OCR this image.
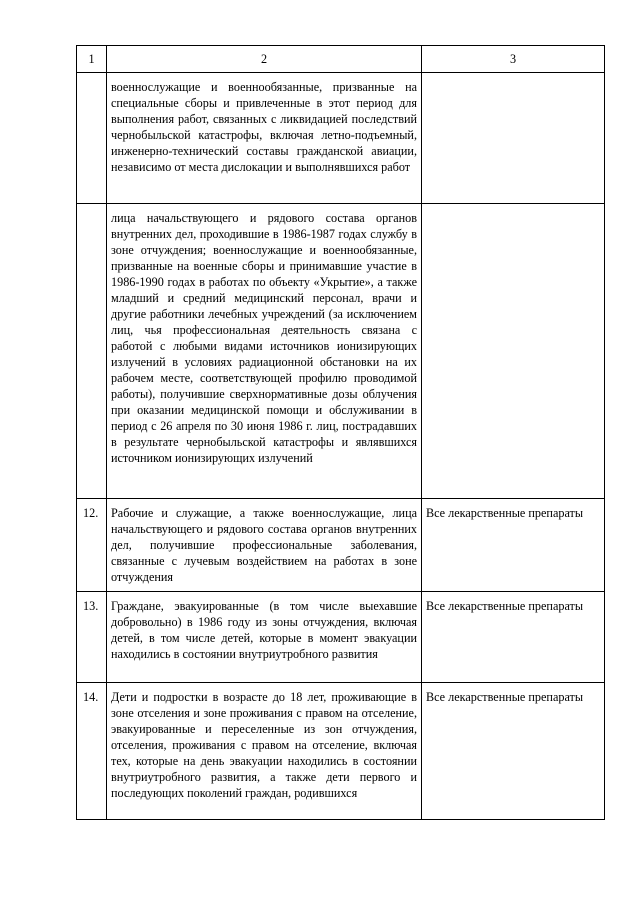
1	2	3
	военнослужащие и военнообязанные, призванные на специальные сборы и привлеченные в этот период для выполнения работ, связанных с ликвидацией последствий чернобыльской катастрофы, включая летно-подъемный, инженерно-технический составы гражданской авиации, независимо от места дислокации и выполнявшихся работ	
	лица начальствующего и рядового состава органов внутренних дел, проходившие в 1986-1987 годах службу в зоне отчуждения; военнослужащие и военнообязанные, призванные на военные сборы и принимавшие участие в 1986-1990 годах в работах по объекту «Укрытие», а также младший и средний медицинский персонал, врачи и другие работники лечебных учреждений (за исключением лиц, чья профессиональная деятельность связана с работой с любыми видами источников ионизирующих излучений в условиях радиационной обстановки на их рабочем месте, соответствующей профилю проводимой работы), получившие сверхнормативные дозы облучения при оказании медицинской помощи и обслуживании в период с 26 апреля по 30 июня 1986 г. лиц, пострадавших в результате чернобыльской катастрофы и являвшихся источником ионизирующих излучений	
12.	Рабочие и служащие, а также военнослужащие, лица начальствующего и рядового состава органов внутренних дел, получившие профессиональные заболевания, связанные с лучевым воздействием на работах в зоне отчуждения	Все лекарственные препараты
13.	Граждане, эвакуированные (в том числе выехавшие добровольно) в 1986 году из зоны отчуждения, включая детей, в том числе детей, которые в момент эвакуации находились в состоянии внутриутробного развития	Все лекарственные препараты
14.	Дети и подростки в возрасте до 18 лет, проживающие в зоне отселения и зоне проживания с правом на отселение, эвакуированные и переселенные из зон отчуждения, отселения, проживания с правом на отселение, включая тех, которые на день эвакуации находились в состоянии внутриутробного развития, а также дети первого и последующих поколений граждан, родившихся	Все лекарственные препараты
